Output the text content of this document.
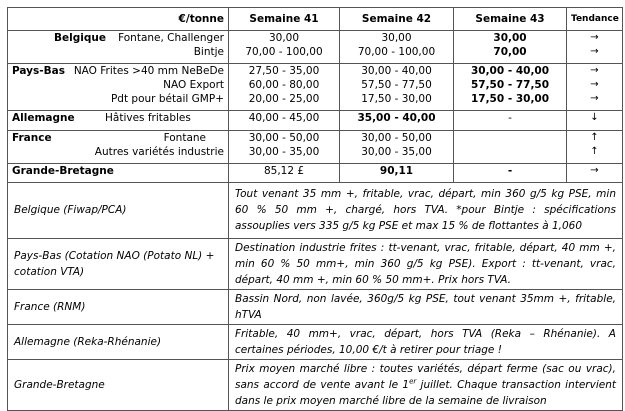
€/tonne	Semaine 41	Semaine 42	Semaine 43	Tendance

Belgique Fontane, Challenger	30,00	30,00	30,00	→
Bintje	70,00 - 100,00	70,00 - 100,00	70,00	→

Pays-Bas NAO Frites >40 mm NeBeDe	27,50 - 35,00	30,00 - 40,00	30,00 - 40,00	→
NAO Export	60,00 - 80,00	57,50 - 77,50	57,50 - 77,50	→
Pdt pour bétail GMP+	20,00 - 25,00	17,50 - 30,00	17,50 - 30,00	→

Allemagne Hâtives fritables	40,00 - 45,00	35,00 - 40,00	-	↓

France Fontane	30,00 - 50,00	30,00 - 50,00		↑
Autres variétés industrie	30,00 - 35,00	30,00 - 35,00		↑
Grande-Bretagne	85,12 £	90,11	-	→
Belgique (Fiwap/PCA)	Tout venant 35 mm +, fritable, vrac, départ, min 360 g/5 kg PSE, min 60 % 50 mm +, chargé, hors TVA. *pour Bintje : spécifications assouplies vers 335 g/5 kg PSE et max 15 % de flottantes à 1,060
Pays-Bas (Cotation NAO (Potato NL) + cotation VTA)	Destination industrie frites : tt-venant, vrac, fritable, départ, 40 mm +, min 60 % 50 mm+, min 360 g/5 kg PSE). Export : tt-venant, vrac, départ, 40 mm +, min 60 % 50 mm+. Prix hors TVA.
France (RNM)	Bassin Nord, non lavée, 360g/5 kg PSE, tout venant 35mm +, fritable, hTVA
Allemagne (Reka-Rhénanie)	Fritable, 40 mm+, vrac, départ, hors TVA (Reka – Rhénanie). A certaines périodes, 10,00 €/t à retirer pour triage !
Grande-Bretagne	Prix moyen marché libre : toutes variétés, départ ferme (sac ou vrac), sans accord de vente avant le 1er juillet. Chaque transaction intervient dans le prix moyen marché libre de la semaine de livraison
